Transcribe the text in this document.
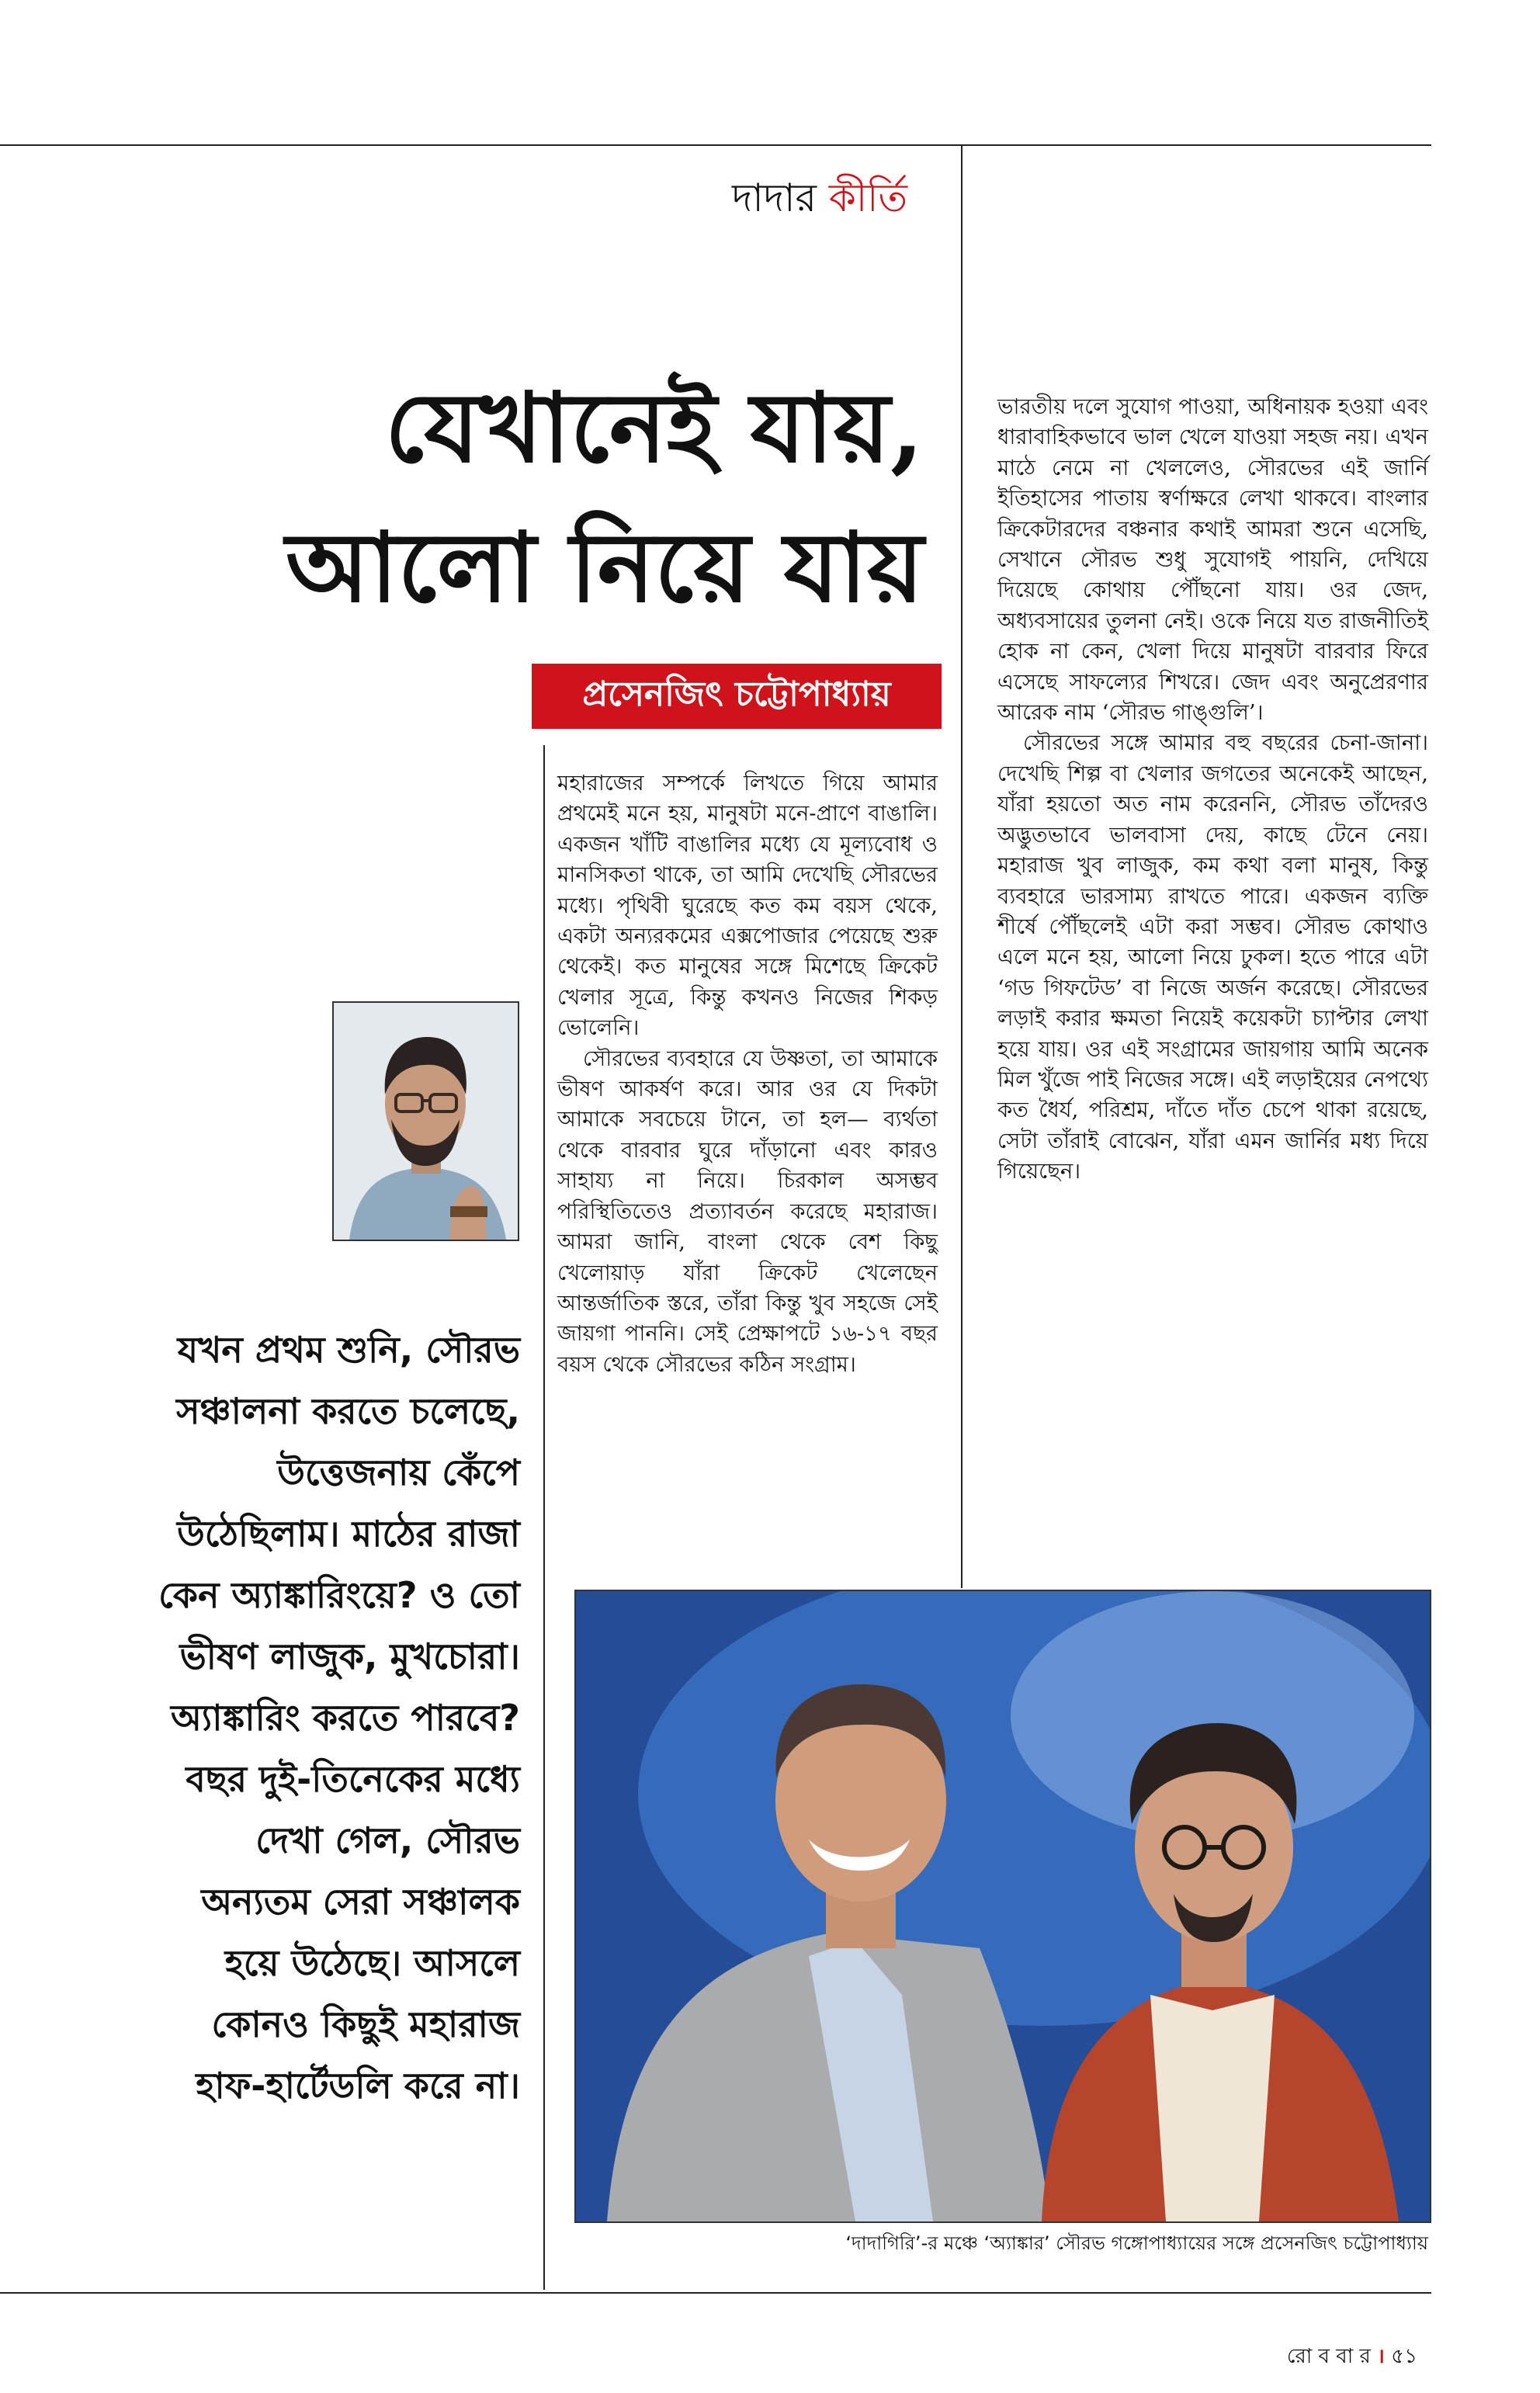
দাদার কীর্তি
যেখানেই যায়,
আলো নিয়ে যায়
প্রসেনজিৎ চট্টোপাধ্যায়

মহারাজের সম্পর্কে লিখতে গিয়ে আমার প্রথমেই মনে হয়, মানুষটা মনে-প্রাণে বাঙালি। একজন খাঁটি বাঙালির মধ্যে যে মূল্যবোধ ও মানসিকতা থাকে, তা আমি দেখেছি সৌরভের মধ্যে। পৃথিবী ঘুরেছে কত কম বয়স থেকে, একটা অন্যরকমের এক্সপোজার পেয়েছে শুরু থেকেই। কত মানুষের সঙ্গে মিশেছে ক্রিকেট খেলার সূত্রে, কিন্তু কখনও নিজের শিকড় ভোলেনি।

সৌরভের ব্যবহারে যে উষ্ণতা, তা আমাকে ভীষণ আকর্ষণ করে। আর ওর যে দিকটা আমাকে সবচেয়ে টানে, তা হল— ব্যর্থতা থেকে বারবার ঘুরে দাঁড়ানো এবং কারও সাহায্য না নিয়ে। চিরকাল অসম্ভব পরিস্থিতিতেও প্রত্যাবর্তন করেছে মহারাজ। আমরা জানি, বাংলা থেকে বেশ কিছু খেলোয়াড় যাঁরা ক্রিকেট খেলেছেন আন্তর্জাতিক স্তরে, তাঁরা কিন্তু খুব সহজে সেই জায়গা পাননি। সেই প্রেক্ষাপটে ১৬-১৭ বছর বয়স থেকে সৌরভের কঠিন সংগ্রাম।

ভারতীয় দলে সুযোগ পাওয়া, অধিনায়ক হওয়া এবং ধারাবাহিকভাবে ভাল খেলে যাওয়া সহজ নয়। এখন মাঠে নেমে না খেললেও, সৌরভের এই জার্নি ইতিহাসের পাতায় স্বর্ণাক্ষরে লেখা থাকবে। বাংলার ক্রিকেটারদের বঞ্চনার কথাই আমরা শুনে এসেছি, সেখানে সৌরভ শুধু সুযোগই পায়নি, দেখিয়ে দিয়েছে কোথায় পৌঁছনো যায়। ওর জেদ, অধ্যবসায়ের তুলনা নেই। ওকে নিয়ে যত রাজনীতিই হোক না কেন, খেলা দিয়ে মানুষটা বারবার ফিরে এসেছে সাফল্যের শিখরে। জেদ এবং অনুপ্রেরণার আরেক নাম ‘সৌরভ গাঙ্গুলি’।

সৌরভের সঙ্গে আমার বহু বছরের চেনা-জানা। দেখেছি শিল্প বা খেলার জগতের অনেকেই আছেন, যাঁরা হয়তো অত নাম করেননি, সৌরভ তাঁদেরও অদ্ভুতভাবে ভালবাসা দেয়, কাছে টেনে নেয়। মহারাজ খুব লাজুক, কম কথা বলা মানুষ, কিন্তু ব্যবহারে ভারসাম্য রাখতে পারে। একজন ব্যক্তি শীর্ষে পৌঁছলেই এটা করা সম্ভব। সৌরভ কোথাও এলে মনে হয়, আলো নিয়ে ঢুকল। হতে পারে এটা ‘গড গিফটেড’ বা নিজে অর্জন করেছে। সৌরভের লড়াই করার ক্ষমতা নিয়েই কয়েকটা চ্যাপ্টার লেখা হয়ে যায়। ওর এই সংগ্রামের জায়গায় আমি অনেক মিল খুঁজে পাই নিজের সঙ্গে। এই লড়াইয়ের নেপথ্যে কত ধৈর্য, পরিশ্রম, দাঁতে দাঁত চেপে থাকা রয়েছে, সেটা তাঁরাই বোঝেন, যাঁরা এমন জার্নির মধ্য দিয়ে গিয়েছেন।

যখন প্রথম শুনি, সৌরভ
সঞ্চালনা করতে চলেছে,
উত্তেজনায় কেঁপে
উঠেছিলাম। মাঠের রাজা
কেন অ্যাঙ্কারিংয়ে? ও তো
ভীষণ লাজুক, মুখচোরা।
অ্যাঙ্কারিং করতে পারবে?
বছর দুই-তিনেকের মধ্যে
দেখা গেল, সৌরভ
অন্যতম সেরা সঞ্চালক
হয়ে উঠেছে। আসলে
কোনও কিছুই মহারাজ
হাফ-হার্টেডলি করে না।
‘দাদাগিরি’-র মঞ্চে ‘অ্যাঙ্কার’ সৌরভ গঙ্গোপাধ্যায়ের সঙ্গে প্রসেনজিৎ চট্টোপাধ্যায়
রো ব বা র । ৫১
